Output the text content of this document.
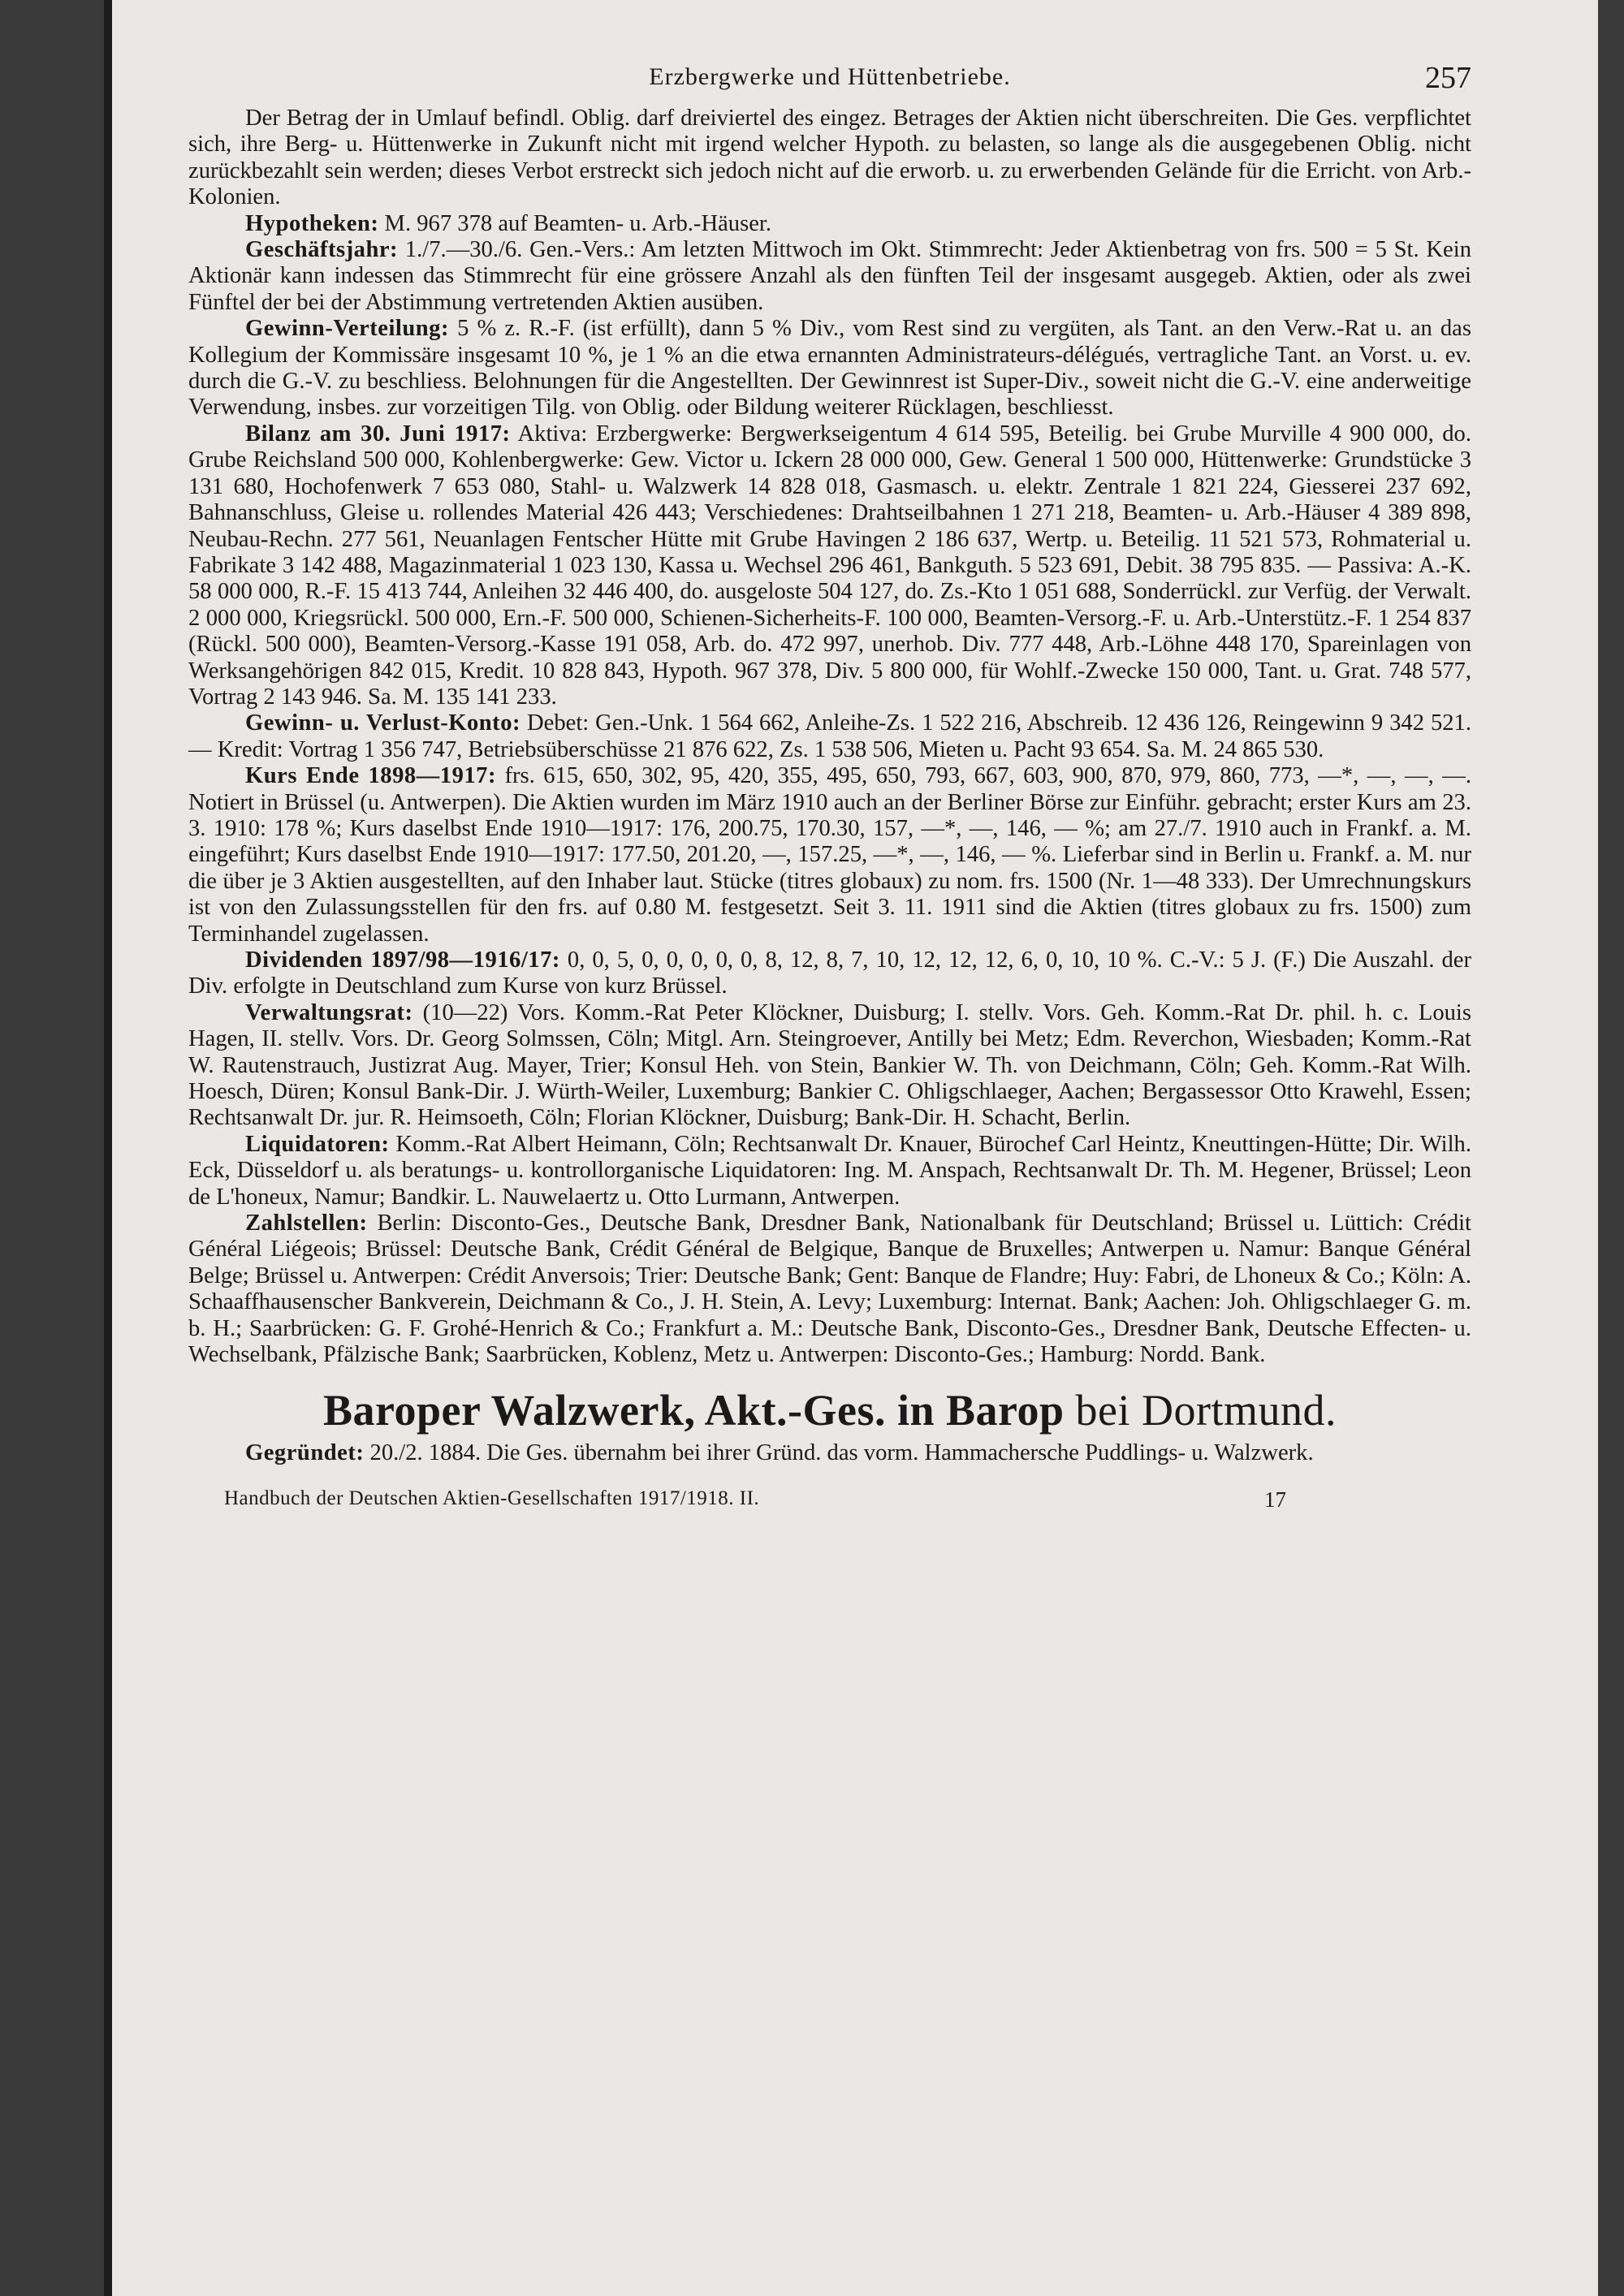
Erzbergwerke und Hüttenbetriebe.	257

Der Betrag der in Umlauf befindl. Oblig. darf dreiviertel des eingez. Betrages der Aktien nicht überschreiten. Die Ges. verpflichtet sich, ihre Berg- u. Hüttenwerke in Zukunft nicht mit irgend welcher Hypoth. zu belasten, so lange als die ausgegebenen Oblig. nicht zurückbezahlt sein werden; dieses Verbot erstreckt sich jedoch nicht auf die erworb. u. zu erwerbenden Gelände für die Erricht. von Arb.-Kolonien.

Hypotheken: M. 967 378 auf Beamten- u. Arb.-Häuser.

Geschäftsjahr: 1./7.—30./6. Gen.-Vers.: Am letzten Mittwoch im Okt. Stimmrecht: Jeder Aktienbetrag von frs. 500 = 5 St. Kein Aktionär kann indessen das Stimmrecht für eine grössere Anzahl als den fünften Teil der insgesamt ausgegeb. Aktien, oder als zwei Fünftel der bei der Abstimmung vertretenden Aktien ausüben.

Gewinn-Verteilung: 5 % z. R.-F. (ist erfüllt), dann 5 % Div., vom Rest sind zu vergüten, als Tant. an den Verw.-Rat u. an das Kollegium der Kommissäre insgesamt 10 %, je 1 % an die etwa ernannten Administrateurs-délégués, vertragliche Tant. an Vorst. u. ev. durch die G.-V. zu beschliess. Belohnungen für die Angestellten. Der Gewinnrest ist Super-Div., soweit nicht die G.-V. eine anderweitige Verwendung, insbes. zur vorzeitigen Tilg. von Oblig. oder Bildung weiterer Rücklagen, beschliesst.

Bilanz am 30. Juni 1917: Aktiva: Erzbergwerke: Bergwerkseigentum 4 614 595, Beteilig. bei Grube Murville 4 900 000, do. Grube Reichsland 500 000, Kohlenbergwerke: Gew. Victor u. Ickern 28 000 000, Gew. General 1 500 000, Hüttenwerke: Grundstücke 3 131 680, Hochofenwerk 7 653 080, Stahl- u. Walzwerk 14 828 018, Gasmasch. u. elektr. Zentrale 1 821 224, Giesserei 237 692, Bahnanschluss, Gleise u. rollendes Material 426 443; Verschiedenes: Drahtseilbahnen 1 271 218, Beamten- u. Arb.-Häuser 4 389 898, Neubau-Rechn. 277 561, Neuanlagen Fentscher Hütte mit Grube Havingen 2 186 637, Wertp. u. Beteilig. 11 521 573, Rohmaterial u. Fabrikate 3 142 488, Magazinmaterial 1 023 130, Kassa u. Wechsel 296 461, Bankguth. 5 523 691, Debit. 38 795 835. — Passiva: A.-K. 58 000 000, R.-F. 15 413 744, Anleihen 32 446 400, do. ausgeloste 504 127, do. Zs.-Kto 1 051 688, Sonderrückl. zur Verfüg. der Verwalt. 2 000 000, Kriegsrückl. 500 000, Ern.-F. 500 000, Schienen-Sicherheits-F. 100 000, Beamten-Versorg.-F. u. Arb.-Unterstütz.-F. 1 254 837 (Rückl. 500 000), Beamten-Versorg.-Kasse 191 058, Arb. do. 472 997, unerhob. Div. 777 448, Arb.-Löhne 448 170, Spareinlagen von Werksangehörigen 842 015, Kredit. 10 828 843, Hypoth. 967 378, Div. 5 800 000, für Wohlf.-Zwecke 150 000, Tant. u. Grat. 748 577, Vortrag 2 143 946. Sa. M. 135 141 233.

Gewinn- u. Verlust-Konto: Debet: Gen.-Unk. 1 564 662, Anleihe-Zs. 1 522 216, Abschreib. 12 436 126, Reingewinn 9 342 521. — Kredit: Vortrag 1 356 747, Betriebsüberschüsse 21 876 622, Zs. 1 538 506, Mieten u. Pacht 93 654. Sa. M. 24 865 530.

Kurs Ende 1898—1917: frs. 615, 650, 302, 95, 420, 355, 495, 650, 793, 667, 603, 900, 870, 979, 860, 773, —*, —, —, —. Notiert in Brüssel (u. Antwerpen). Die Aktien wurden im März 1910 auch an der Berliner Börse zur Einführ. gebracht; erster Kurs am 23. 3. 1910: 178 %; Kurs daselbst Ende 1910—1917: 176, 200.75, 170.30, 157, —*, —, 146, — %; am 27./7. 1910 auch in Frankf. a. M. eingeführt; Kurs daselbst Ende 1910—1917: 177.50, 201.20, —, 157.25, —*, —, 146, — %. Lieferbar sind in Berlin u. Frankf. a. M. nur die über je 3 Aktien ausgestellten, auf den Inhaber laut. Stücke (titres globaux) zu nom. frs. 1500 (Nr. 1—48 333). Der Umrechnungskurs ist von den Zulassungsstellen für den frs. auf 0.80 M. festgesetzt. Seit 3. 11. 1911 sind die Aktien (titres globaux zu frs. 1500) zum Terminhandel zugelassen.

Dividenden 1897/98—1916/17: 0, 0, 5, 0, 0, 0, 0, 0, 8, 12, 8, 7, 10, 12, 12, 12, 6, 0, 10, 10 %. C.-V.: 5 J. (F.) Die Auszahl. der Div. erfolgte in Deutschland zum Kurse von kurz Brüssel.

Verwaltungsrat: (10—22) Vors. Komm.-Rat Peter Klöckner, Duisburg; I. stellv. Vors. Geh. Komm.-Rat Dr. phil. h. c. Louis Hagen, II. stellv. Vors. Dr. Georg Solmssen, Cöln; Mitgl. Arn. Steingroever, Antilly bei Metz; Edm. Reverchon, Wiesbaden; Komm.-Rat W. Rautenstrauch, Justizrat Aug. Mayer, Trier; Konsul Heh. von Stein, Bankier W. Th. von Deichmann, Cöln; Geh. Komm.-Rat Wilh. Hoesch, Düren; Konsul Bank-Dir. J. Würth-Weiler, Luxemburg; Bankier C. Ohligschlaeger, Aachen; Bergassessor Otto Krawehl, Essen; Rechtsanwalt Dr. jur. R. Heimsoeth, Cöln; Florian Klöckner, Duisburg; Bank-Dir. H. Schacht, Berlin.

Liquidatoren: Komm.-Rat Albert Heimann, Cöln; Rechtsanwalt Dr. Knauer, Bürochef Carl Heintz, Kneuttingen-Hütte; Dir. Wilh. Eck, Düsseldorf u. als beratungs- u. kontrollorganische Liquidatoren: Ing. M. Anspach, Rechtsanwalt Dr. Th. M. Hegener, Brüssel; Leon de L'honeux, Namur; Bandkir. L. Nauwelaertz u. Otto Lurmann, Antwerpen.

Zahlstellen: Berlin: Disconto-Ges., Deutsche Bank, Dresdner Bank, Nationalbank für Deutschland; Brüssel u. Lüttich: Crédit Général Liégeois; Brüssel: Deutsche Bank, Crédit Général de Belgique, Banque de Bruxelles; Antwerpen u. Namur: Banque Général Belge; Brüssel u. Antwerpen: Crédit Anversois; Trier: Deutsche Bank; Gent: Banque de Flandre; Huy: Fabri, de Lhoneux & Co.; Köln: A. Schaaffhausenscher Bankverein, Deichmann & Co., J. H. Stein, A. Levy; Luxemburg: Internat. Bank; Aachen: Joh. Ohligschlaeger G. m. b. H.; Saarbrücken: G. F. Grohé-Henrich & Co.; Frankfurt a. M.: Deutsche Bank, Disconto-Ges., Dresdner Bank, Deutsche Effecten- u. Wechselbank, Pfälzische Bank; Saarbrücken, Koblenz, Metz u. Antwerpen: Disconto-Ges.; Hamburg: Nordd. Bank.

Baroper Walzwerk, Akt.-Ges. in Barop bei Dortmund.

Gegründet: 20./2. 1884. Die Ges. übernahm bei ihrer Gründ. das vorm. Hammachersche Puddlings- u. Walzwerk.

Handbuch der Deutschen Aktien-Gesellschaften 1917/1918. II.	17
